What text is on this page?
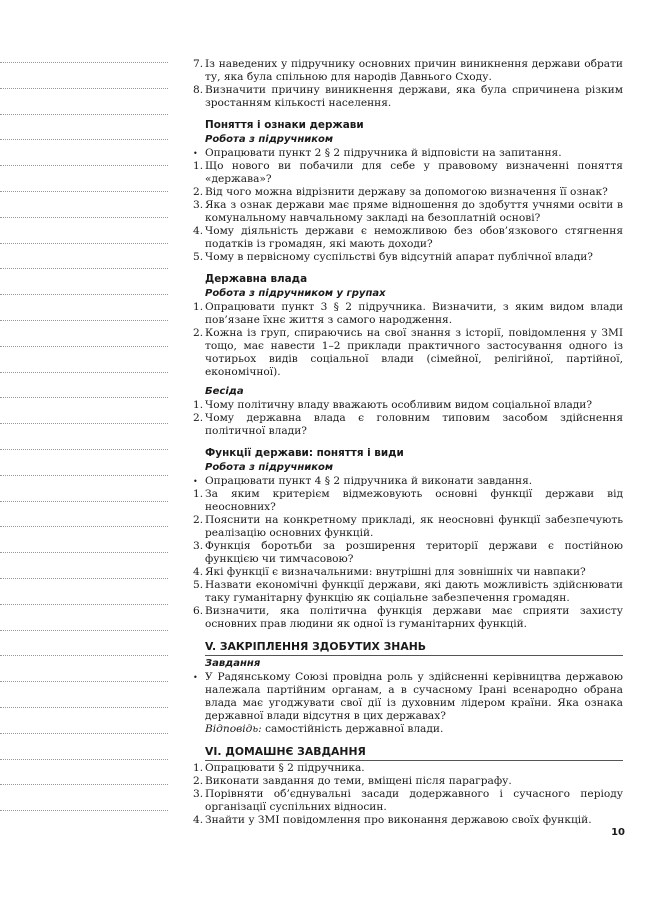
7. Із наведених у підручнику основних причин виникнення держави обрати ту, яка була спільною для народів Давнього Сходу.
8. Визначити причину виникнення держави, яка була спричинена різким зростанням кількості населення.
Поняття і ознаки держави
Робота з підручником
• Опрацювати пункт 2 § 2 підручника й відповісти на запитання.
1. Що нового ви побачили для себе у правовому визначенні поняття «держава»?
2. Від чого можна відрізнити державу за допомогою визначення її ознак?
3. Яка з ознак держави має пряме відношення до здобуття учнями освіти в комунальному навчальному закладі на безоплатній основі?
4. Чому діяльність держави є неможливою без обов’язкового стягнення податків із громадян, які мають доходи?
5. Чому в первісному суспільстві був відсутній апарат публічної влади?
Державна влада
Робота з підручником у групах
1. Опрацювати пункт 3 § 2 підручника. Визначити, з яким видом влади пов’язане їхнє життя з самого народження.
2. Кожна із груп, спираючись на свої знання з історії, повідомлення у ЗМІ тощо, має навести 1–2 приклади практичного застосування одного із чотирьох видів соціальної влади (сімейної, релігійної, партійної, економічної).
Бесіда
1. Чому політичну владу вважають особливим видом соціальної влади?
2. Чому державна влада є головним типовим засобом здійснення політичної влади?
Функції держави: поняття і види
Робота з підручником
• Опрацювати пункт 4 § 2 підручника й виконати завдання.
1. За яким критерієм відмежовують основні функції держави від неосновних?
2. Пояснити на конкретному прикладі, як неосновні функції забезпечують реалізацію основних функцій.
3. Функція боротьби за розширення території держави є постійною функцією чи тимчасовою?
4. Які функції є визначальними: внутрішні для зовнішніх чи навпаки?
5. Назвати економічні функції держави, які дають можливість здійснювати таку гуманітарну функцію як соціальне забезпечення громадян.
6. Визначити, яка політична функція держави має сприяти захисту основних прав людини як одної із гуманітарних функцій.
V. ЗАКРІПЛЕННЯ ЗДОБУТИХ ЗНАНЬ
Завдання
• У Радянському Союзі провідна роль у здійсненні керівництва державою належала партійним органам, а в сучасному Ірані всенародно обрана влада має угоджувати свої дії із духовним лідером країни. Яка ознака державної влади відсутня в цих державах?
Відповідь: самостійність державної влади.
VI. ДОМАШНЄ ЗАВДАННЯ
1. Опрацювати § 2 підручника.
2. Виконати завдання до теми, вміщені після параграфу.
3. Порівняти об’єднувальні засади додержавного і сучасного періоду організації суспільних відносин.
4. Знайти у ЗМІ повідомлення про виконання державою своїх функцій.
10
